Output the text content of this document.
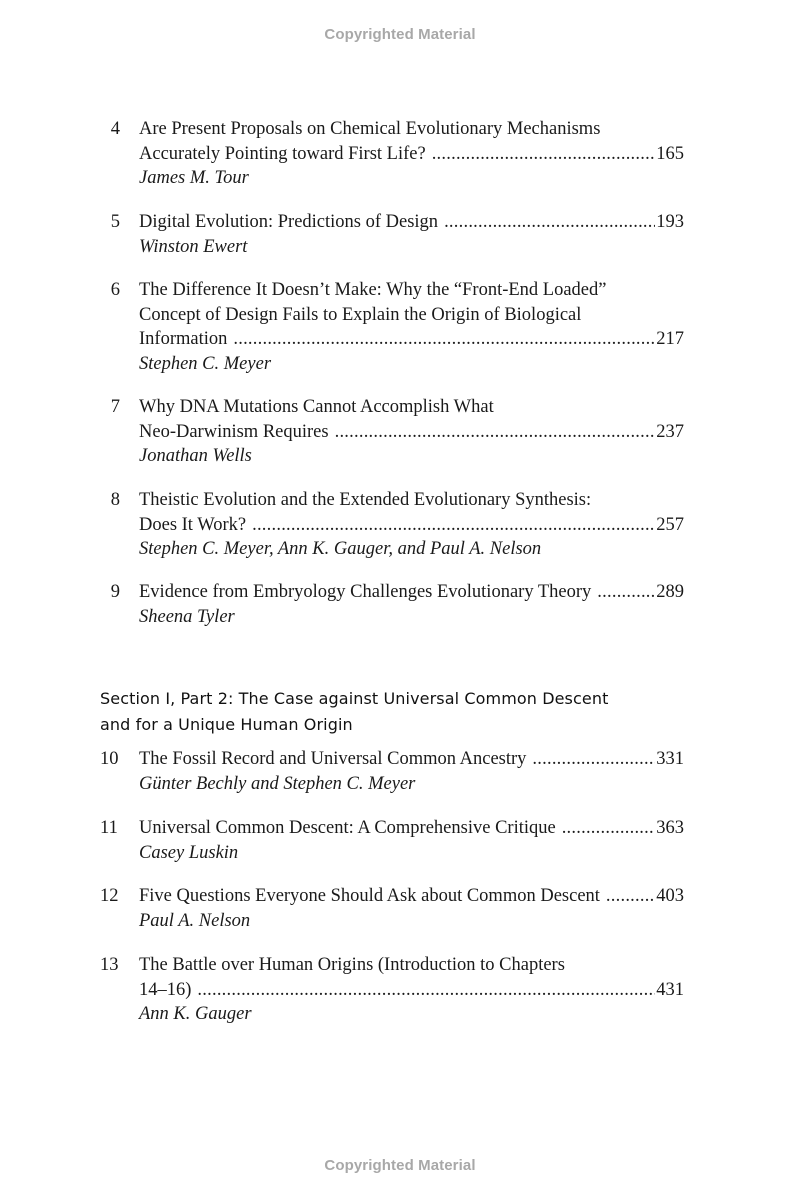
Copyrighted Material
4 Are Present Proposals on Chemical Evolutionary Mechanisms
Accurately Pointing toward First Life? . . .	165
James M. Tour
5 Digital Evolution: Predictions of Design . . .	193
Winston Ewert
6 The Difference It Doesn’t Make: Why the “Front-End Loaded”
Concept of Design Fails to Explain the Origin of Biological
Information . . .	217
Stephen C. Meyer
7 Why DNA Mutations Cannot Accomplish What
Neo-Darwinism Requires . . .	237
Jonathan Wells
8 Theistic Evolution and the Extended Evolutionary Synthesis:
Does It Work? . . .	257
Stephen C. Meyer, Ann K. Gauger, and Paul A. Nelson
9 Evidence from Embryology Challenges Evolutionary Theory . . .	289
Sheena Tyler
Section I, Part 2: The Case against Universal Common Descent
and for a Unique Human Origin
10 The Fossil Record and Universal Common Ancestry . . .	331
Günter Bechly and Stephen C. Meyer
11 Universal Common Descent: A Comprehensive Critique . . .	363
Casey Luskin
12 Five Questions Everyone Should Ask about Common Descent . . .	403
Paul A. Nelson
13 The Battle over Human Origins (Introduction to Chapters
14–16) . . .	431
Ann K. Gauger
Copyrighted Material
